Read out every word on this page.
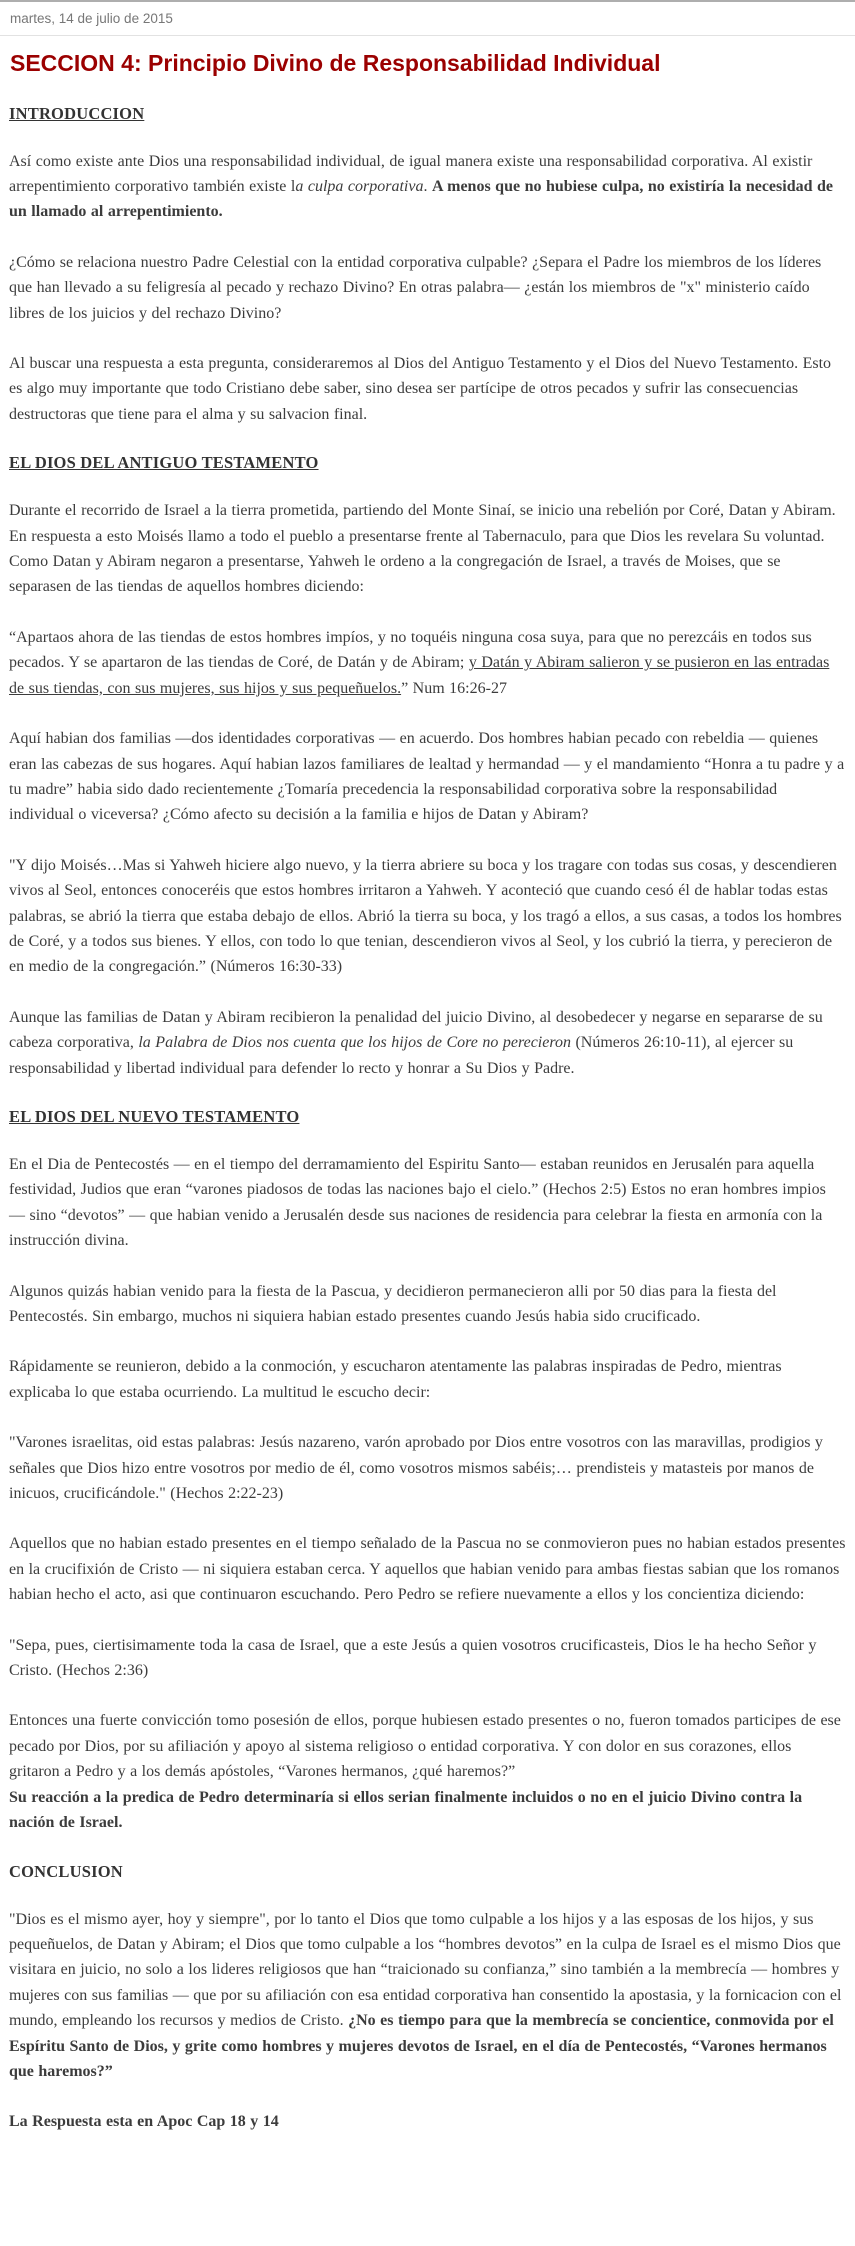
martes, 14 de julio de 2015
SECCION 4: Principio Divino de Responsabilidad Individual
INTRODUCCION

Así como existe ante Dios una responsabilidad individual, de igual manera existe una responsabilidad corporativa. Al existir arrepentimiento corporativo también existe la culpa corporativa. A menos que no hubiese culpa, no existiría la necesidad de un llamado al arrepentimiento.

¿Cómo se relaciona nuestro Padre Celestial con la entidad corporativa culpable? ¿Separa el Padre los miembros de los líderes que han llevado a su feligresía al pecado y rechazo Divino? En otras palabra— ¿están los miembros de "x" ministerio caído libres de los juicios y del rechazo Divino?

Al buscar una respuesta a esta pregunta, consideraremos al Dios del Antiguo Testamento y el Dios del Nuevo Testamento. Esto es algo muy importante que todo Cristiano debe saber, sino desea ser partícipe de otros pecados y sufrir las consecuencias destructoras que tiene para el alma y su salvacion final.

EL DIOS DEL ANTIGUO TESTAMENTO

Durante el recorrido de Israel a la tierra prometida, partiendo del Monte Sinaí, se inicio una rebelión por Coré, Datan y Abiram. En respuesta a esto Moisés llamo a todo el pueblo a presentarse frente al Tabernaculo, para que Dios les revelara Su voluntad. Como Datan y Abiram negaron a presentarse, Yahweh le ordeno a la congregación de Israel, a través de Moises, que se separasen de las tiendas de aquellos hombres diciendo:

“Apartaos ahora de las tiendas de estos hombres impíos, y no toquéis ninguna cosa suya, para que no perezcáis en todos sus pecados. Y se apartaron de las tiendas de Coré, de Datán y de Abiram; y Datán y Abiram salieron y se pusieron en las entradas de sus tiendas, con sus mujeres, sus hijos y sus pequeñuelos.” Num 16:26-27

Aquí habian dos familias —dos identidades corporativas — en acuerdo. Dos hombres habian pecado con rebeldia — quienes eran las cabezas de sus hogares. Aquí habian lazos familiares de lealtad y hermandad — y el mandamiento “Honra a tu padre y a tu madre” habia sido dado recientemente ¿Tomaría precedencia la responsabilidad corporativa sobre la responsabilidad individual o viceversa? ¿Cómo afecto su decisión a la familia e hijos de Datan y Abiram?

"Y dijo Moisés…Mas si Yahweh hiciere algo nuevo, y la tierra abriere su boca y los tragare con todas sus cosas, y descendieren vivos al Seol, entonces conoceréis que estos hombres irritaron a Yahweh. Y aconteció que cuando cesó él de hablar todas estas palabras, se abrió la tierra que estaba debajo de ellos. Abrió la tierra su boca, y los tragó a ellos, a sus casas, a todos los hombres de Coré, y a todos sus bienes. Y ellos, con todo lo que tenian, descendieron vivos al Seol, y los cubrió la tierra, y perecieron de en medio de la congregación.” (Números 16:30-33)

Aunque las familias de Datan y Abiram recibieron la penalidad del juicio Divino, al desobedecer y negarse en separarse de su cabeza corporativa, la Palabra de Dios nos cuenta que los hijos de Core no perecieron (Números 26:10-11), al ejercer su responsabilidad y libertad individual para defender lo recto y honrar a Su Dios y Padre.

EL DIOS DEL NUEVO TESTAMENTO

En el Dia de Pentecostés — en el tiempo del derramamiento del Espiritu Santo— estaban reunidos en Jerusalén para aquella festividad, Judios que eran “varones piadosos de todas las naciones bajo el cielo.” (Hechos 2:5) Estos no eran hombres impios — sino “devotos” — que habian venido a Jerusalén desde sus naciones de residencia para celebrar la fiesta en armonía con la instrucción divina.

Algunos quizás habian venido para la fiesta de la Pascua, y decidieron permanecieron alli por 50 dias para la fiesta del Pentecostés. Sin embargo, muchos ni siquiera habian estado presentes cuando Jesús habia sido crucificado.

Rápidamente se reunieron, debido a la conmoción, y escucharon atentamente las palabras inspiradas de Pedro, mientras explicaba lo que estaba ocurriendo. La multitud le escucho decir:

"Varones israelitas, oid estas palabras: Jesús nazareno, varón aprobado por Dios entre vosotros con las maravillas, prodigios y señales que Dios hizo entre vosotros por medio de él, como vosotros mismos sabéis;… prendisteis y matasteis por manos de inicuos, crucificándole." (Hechos 2:22-23)

Aquellos que no habian estado presentes en el tiempo señalado de la Pascua no se conmovieron pues no habian estados presentes en la crucifixión de Cristo — ni siquiera estaban cerca. Y aquellos que habian venido para ambas fiestas sabian que los romanos habian hecho el acto, asi que continuaron escuchando. Pero Pedro se refiere nuevamente a ellos y los concientiza diciendo:

"Sepa, pues, ciertisimamente toda la casa de Israel, que a este Jesús a quien vosotros crucificasteis, Dios le ha hecho Señor y Cristo. (Hechos 2:36)

Entonces una fuerte convicción tomo posesión de ellos, porque hubiesen estado presentes o no, fueron tomados participes de ese pecado por Dios, por su afiliación y apoyo al sistema religioso o entidad corporativa. Y con dolor en sus corazones, ellos gritaron a Pedro y a los demás apóstoles, “Varones hermanos, ¿qué haremos?”
Su reacción a la predica de Pedro determinaría si ellos serian finalmente incluidos o no en el juicio Divino contra la nación de Israel.

CONCLUSION

"Dios es el mismo ayer, hoy y siempre", por lo tanto el Dios que tomo culpable a los hijos y a las esposas de los hijos, y sus pequeñuelos, de Datan y Abiram; el Dios que tomo culpable a los “hombres devotos” en la culpa de Israel es el mismo Dios que visitara en juicio, no solo a los lideres religiosos que han “traicionado su confianza,” sino también a la membrecía — hombres y mujeres con sus familias — que por su afiliación con esa entidad corporativa han consentido la apostasia, y la fornicacion con el mundo, empleando los recursos y medios de Cristo. ¿No es tiempo para que la membrecía se concientice, conmovida por el Espíritu Santo de Dios, y grite como hombres y mujeres devotos de Israel, en el día de Pentecostés, “Varones hermanos que haremos?”

La Respuesta esta en Apoc Cap 18 y 14
